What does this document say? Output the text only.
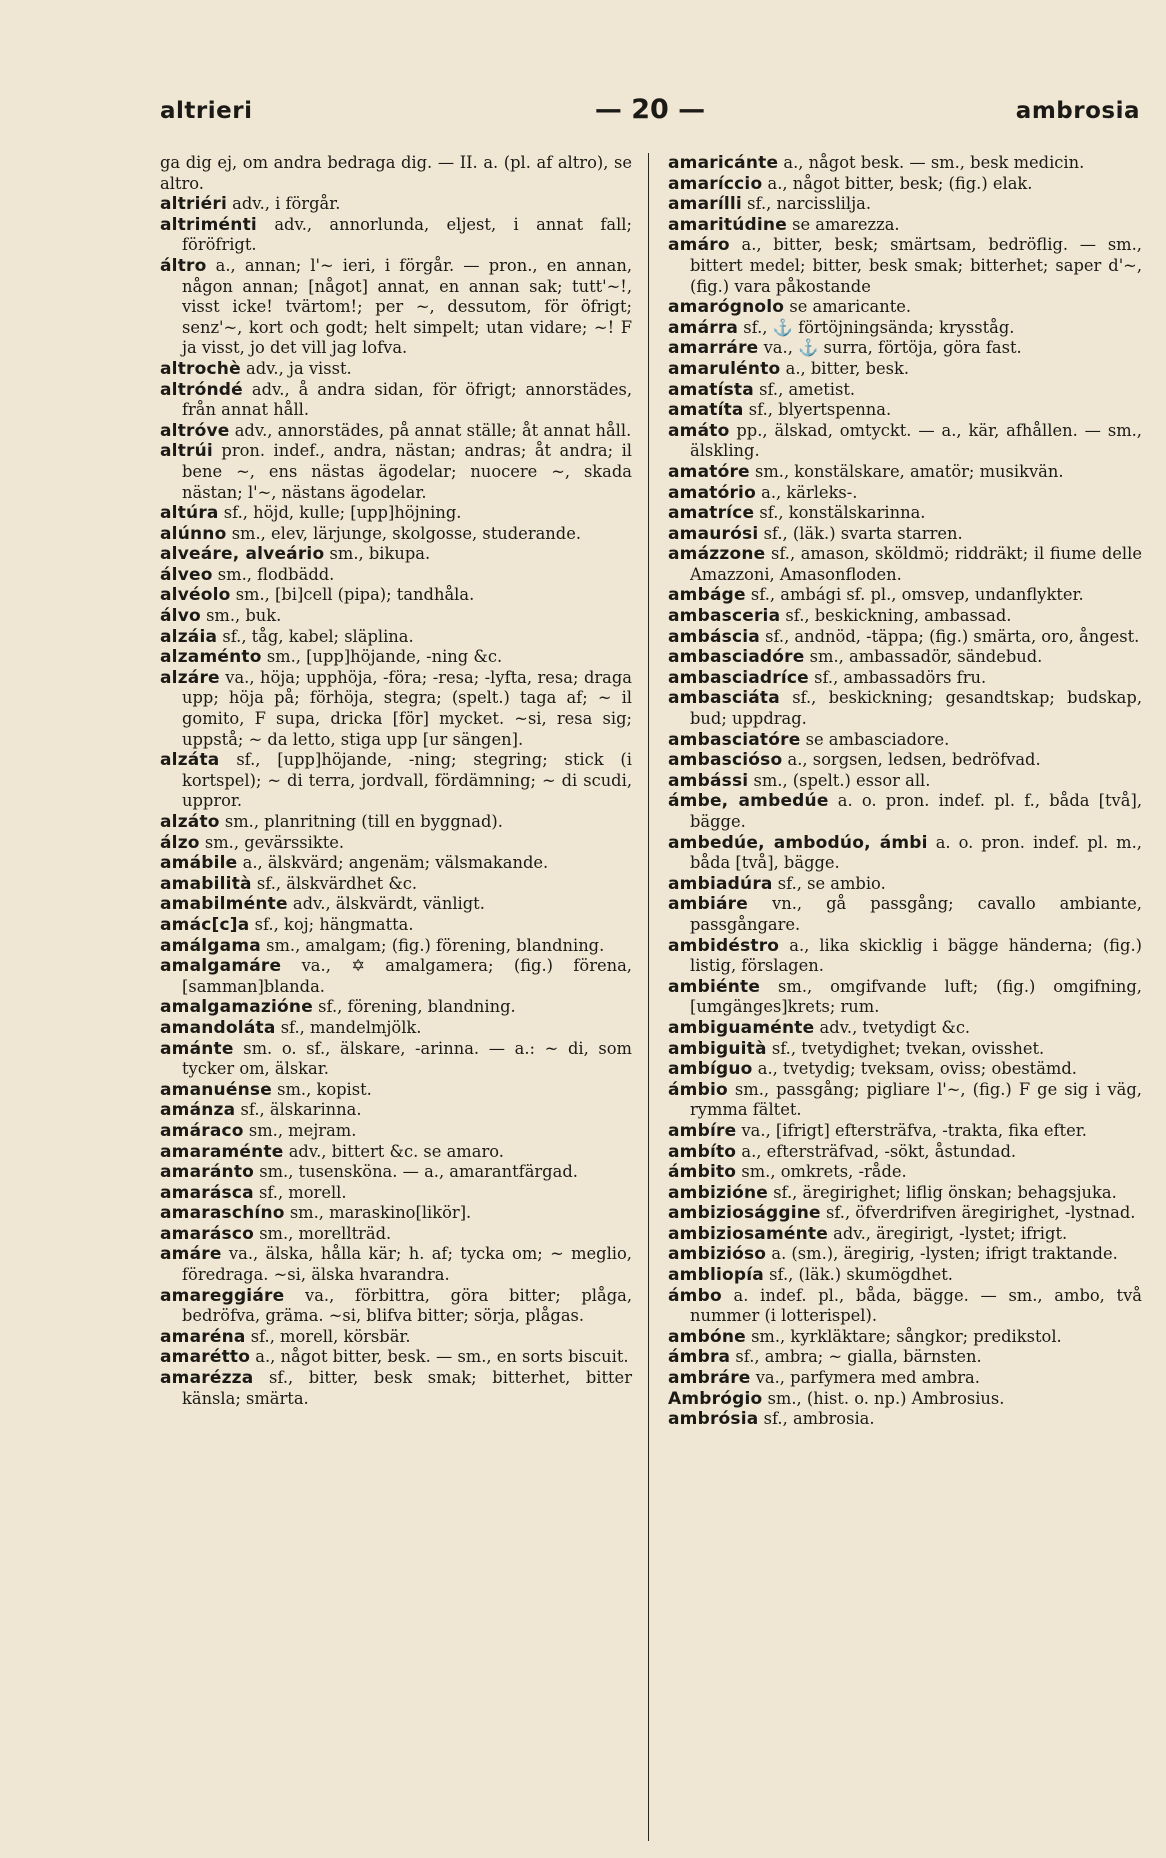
altrieri	— 20 —	ambrosia

ga dig ej, om andra bedraga dig. — II. a. (pl. af altro), se altro.

altriéri adv., i förgår.

altriménti adv., annorlunda, eljest, i annat fall; föröfrigt.

áltro a., annan; l'~ ieri, i förgår. — pron., en annan, någon annan; [något] annat, en annan sak; tutt'~!, visst icke! tvärtom!; per ~, dessutom, för öfrigt; senz'~, kort och godt; helt simpelt; utan vidare; ~! F ja visst, jo det vill jag lofva.

altrochè adv., ja visst.

altróndé adv., å andra sidan, för öfrigt; annorstädes, från annat håll.

altróve adv., annorstädes, på annat ställe; åt annat håll.

altrúi pron. indef., andra, nästan; andras; åt andra; il bene ~, ens nästas ägodelar; nuocere ~, skada nästan; l'~, nästans ägodelar.

altúra sf., höjd, kulle; [upp]höjning.

alúnno sm., elev, lärjunge, skolgosse, studerande.

alveáre, alveário sm., bikupa.

álveo sm., flodbädd.

alvéolo sm., [bi]cell (pipa); tandhåla.

álvo sm., buk.

alzáia sf., tåg, kabel; släplina.

alzaménto sm., [upp]höjande, -ning &c.

alzáre va., höja; upphöja, -föra; -resa; -lyfta, resa; draga upp; höja på; förhöja, stegra; (spelt.) taga af; ~ il gomito, F supa, dricka [för] mycket. ~si, resa sig; uppstå; ~ da letto, stiga upp [ur sängen].

alzáta sf., [upp]höjande, -ning; stegring; stick (i kortspel); ~ di terra, jordvall, fördämning; ~ di scudi, uppror.

alzáto sm., planritning (till en byggnad).

álzo sm., gevärssikte.

amábile a., älskvärd; angenäm; välsmakande.

amabilità sf., älskvärdhet &c.

amabilménte adv., älskvärdt, vänligt.

amác[c]a sf., koj; hängmatta.

amálgama sm., amalgam; (fig.) förening, blandning.

amalgamáre va., ✡ amalgamera; (fig.) förena, [samman]blanda.

amalgamazióne sf., förening, blandning.

amandoláta sf., mandelmjölk.

amánte sm. o. sf., älskare, -arinna. — a.: ~ di, som tycker om, älskar.

amanuénse sm., kopist.

amánza sf., älskarinna.

amáraco sm., mejram.

amaraménte adv., bittert &c. se amaro.

amaránto sm., tusensköna. — a., amarantfärgad.

amarásca sf., morell.

amaraschíno sm., maraskino[likör].

amarásco sm., morellträd.

amáre va., älska, hålla kär; h. af; tycka om; ~ meglio, föredraga. ~si, älska hvarandra.

amareggiáre va., förbittra, göra bitter; plåga, bedröfva, gräma. ~si, blifva bitter; sörja, plågas.

amaréna sf., morell, körsbär.

amarétto a., något bitter, besk. — sm., en sorts biscuit.

amarézza sf., bitter, besk smak; bitterhet, bitter känsla; smärta.

amaricánte a., något besk. — sm., besk medicin.

amaríccio a., något bitter, besk; (fig.) elak.

amarílli sf., narcisslilja.

amaritúdine se amarezza.

amáro a., bitter, besk; smärtsam, bedröflig. — sm., bittert medel; bitter, besk smak; bitterhet; saper d'~, (fig.) vara påkostande

amarógnolo se amaricante.

amárra sf., ⚓ förtöjningsända; krysståg.

amarráre va., ⚓ surra, förtöja, göra fast.

amarulénto a., bitter, besk.

amatísta sf., ametist.

amatíta sf., blyertspenna.

amáto pp., älskad, omtyckt. — a., kär, afhållen. — sm., älskling.

amatóre sm., konstälskare, amatör; musikvän.

amatório a., kärleks-.

amatríce sf., konstälskarinna.

amaurósi sf., (läk.) svarta starren.

amázzone sf., amason, sköldmö; riddräkt; il fiume delle Amazzoni, Amasonfloden.

ambáge sf., ambági sf. pl., omsvep, undanflykter.

ambasceria sf., beskickning, ambassad.

ambáscia sf., andnöd, -täppa; (fig.) smärta, oro, ångest.

ambasciadóre sm., ambassadör, sändebud.

ambasciadríce sf., ambassadörs fru.

ambasciáta sf., beskickning; gesandtskap; budskap, bud; uppdrag.

ambasciatóre se ambasciadore.

ambascióso a., sorgsen, ledsen, bedröfvad.

ambássi sm., (spelt.) essor all.

ámbe, ambedúe a. o. pron. indef. pl. f., båda [två], bägge.

ambedúe, ambodúo, ámbi a. o. pron. indef. pl. m., båda [två], bägge.

ambiadúra sf., se ambio.

ambiáre vn., gå passgång; cavallo ambiante, passgångare.

ambidéstro a., lika skicklig i bägge händerna; (fig.) listig, förslagen.

ambiénte sm., omgifvande luft; (fig.) omgifning, [umgänges]krets; rum.

ambiguaménte adv., tvetydigt &c.

ambiguità sf., tvetydighet; tvekan, ovisshet.

ambíguo a., tvetydig; tveksam, oviss; obestämd.

ámbio sm., passgång; pigliare l'~, (fig.) F ge sig i väg, rymma fältet.

ambíre va., [ifrigt] eftersträfva, -trakta, fika efter.

ambíto a., eftersträfvad, -sökt, åstundad.

ámbito sm., omkrets, -råde.

ambizióne sf., äregirighet; liflig önskan; behagsjuka.

ambiziosággine sf., öfverdrifven äregirighet, -lystnad.

ambiziosaménte adv., äregirigt, -lystet; ifrigt.

ambizióso a. (sm.), äregirig, -lysten; ifrigt traktande.

ambliopía sf., (läk.) skumögdhet.

ámbo a. indef. pl., båda, bägge. — sm., ambo, två nummer (i lotterispel).

ambóne sm., kyrkläktare; sångkor; predikstol.

ámbra sf., ambra; ~ gialla, bärnsten.

ambráre va., parfymera med ambra.

Ambrógio sm., (hist. o. np.) Ambrosius.

ambrósia sf., ambrosia.
